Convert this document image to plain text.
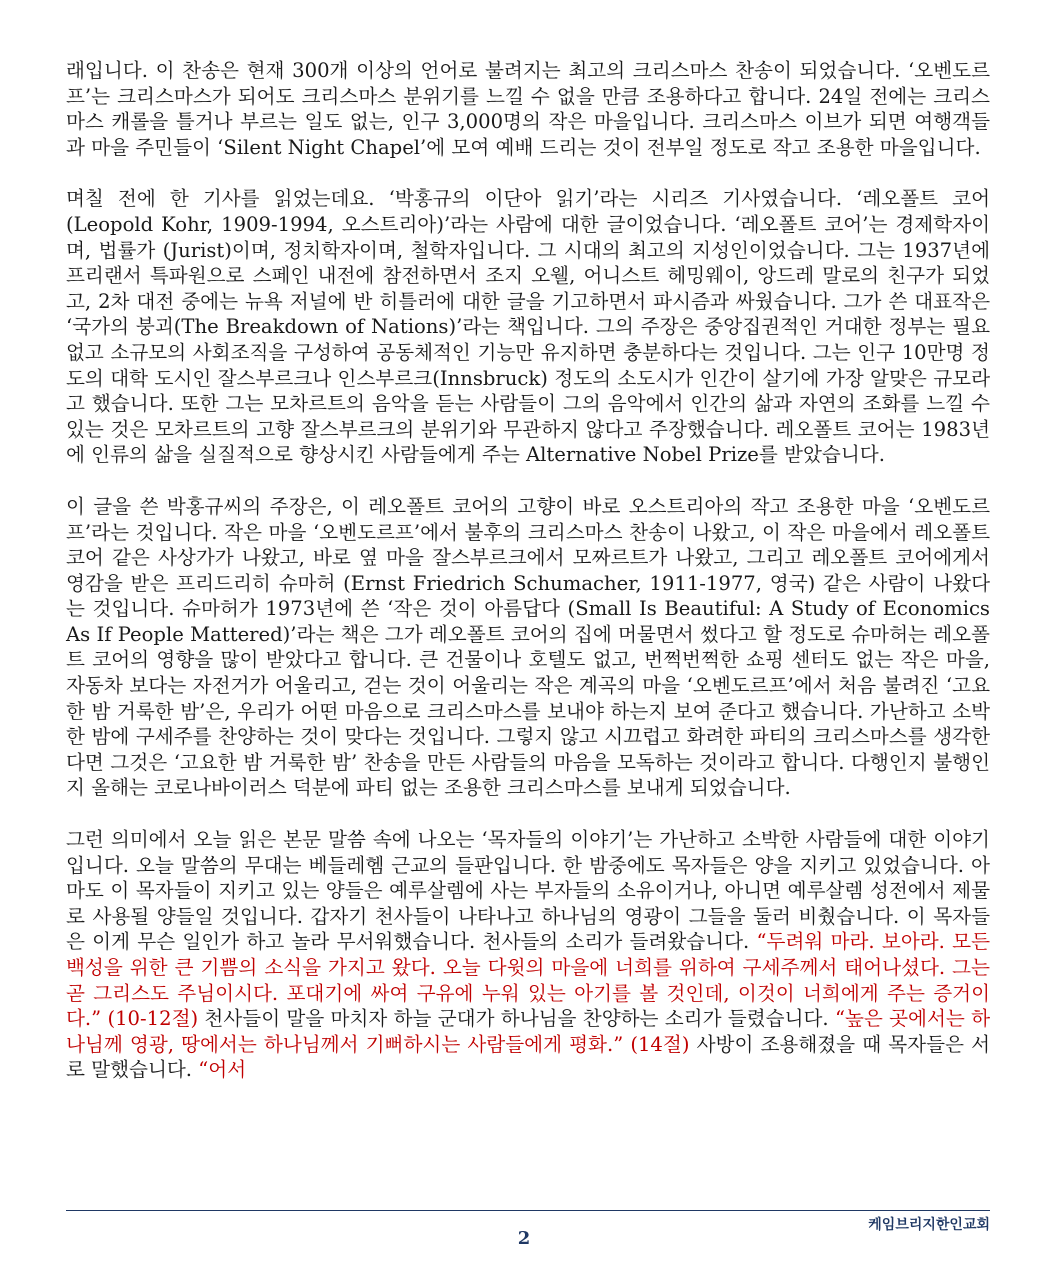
래입니다. 이 찬송은 현재 300개 이상의 언어로 불려지는 최고의 크리스마스 찬송이 되었습니다. ‘오벤도르프’는 크리스마스가 되어도 크리스마스 분위기를 느낄 수 없을 만큼 조용하다고 합니다. 24일 전에는 크리스마스 캐롤을 틀거나 부르는 일도 없는, 인구 3,000명의 작은 마을입니다. 크리스마스 이브가 되면 여행객들과 마을 주민들이 ‘Silent Night Chapel’에 모여 예배 드리는 것이 전부일 정도로 작고 조용한 마을입니다.

며칠 전에 한 기사를 읽었는데요. ‘박홍규의 이단아 읽기’라는 시리즈 기사였습니다. ‘레오폴트 코어(Leopold Kohr, 1909-1994, 오스트리아)’라는 사람에 대한 글이었습니다. ‘레오폴트 코어’는 경제학자이며, 법률가 (Jurist)이며, 정치학자이며, 철학자입니다. 그 시대의 최고의 지성인이었습니다. 그는 1937년에 프리랜서 특파원으로 스페인 내전에 참전하면서 조지 오웰, 어니스트 헤밍웨이, 앙드레 말로의 친구가 되었고, 2차 대전 중에는 뉴욕 저널에 반 히틀러에 대한 글을 기고하면서 파시즘과 싸웠습니다. 그가 쓴 대표작은 ‘국가의 붕괴(The Breakdown of Nations)’라는 책입니다. 그의 주장은 중앙집권적인 거대한 정부는 필요 없고 소규모의 사회조직을 구성하여 공동체적인 기능만 유지하면 충분하다는 것입니다. 그는 인구 10만명 정도의 대학 도시인 잘스부르크나 인스부르크(Innsbruck) 정도의 소도시가 인간이 살기에 가장 알맞은 규모라고 했습니다. 또한 그는 모차르트의 음악을 듣는 사람들이 그의 음악에서 인간의 삶과 자연의 조화를 느낄 수 있는 것은 모차르트의 고향 잘스부르크의 분위기와 무관하지 않다고 주장했습니다. 레오폴트 코어는 1983년에 인류의 삶을 실질적으로 향상시킨 사람들에게 주는 Alternative Nobel Prize를 받았습니다.

이 글을 쓴 박홍규씨의 주장은, 이 레오폴트 코어의 고향이 바로 오스트리아의 작고 조용한 마을 ‘오벤도르프’라는 것입니다. 작은 마을 ‘오벤도르프’에서 불후의 크리스마스 찬송이 나왔고, 이 작은 마을에서 레오폴트 코어 같은 사상가가 나왔고, 바로 옆 마을 잘스부르크에서 모짜르트가 나왔고, 그리고 레오폴트 코어에게서 영감을 받은 프리드리히 슈마허 (Ernst Friedrich Schumacher, 1911-1977, 영국) 같은 사람이 나왔다는 것입니다. 슈마허가 1973년에 쓴 ‘작은 것이 아름답다 (Small Is Beautiful: A Study of Economics As If People Mattered)’라는 책은 그가 레오폴트 코어의 집에 머물면서 썼다고 할 정도로 슈마허는 레오폴트 코어의 영향을 많이 받았다고 합니다. 큰 건물이나 호텔도 없고, 번쩍번쩍한 쇼핑 센터도 없는 작은 마을, 자동차 보다는 자전거가 어울리고, 걷는 것이 어울리는 작은 계곡의 마을 ‘오벤도르프’에서 처음 불려진 ‘고요한 밤 거룩한 밤’은, 우리가 어떤 마음으로 크리스마스를 보내야 하는지 보여 준다고 했습니다. 가난하고 소박한 밤에 구세주를 찬양하는 것이 맞다는 것입니다. 그렇지 않고 시끄럽고 화려한 파티의 크리스마스를 생각한다면 그것은 ‘고요한 밤 거룩한 밤’ 찬송을 만든 사람들의 마음을 모독하는 것이라고 합니다. 다행인지 불행인지 올해는 코로나바이러스 덕분에 파티 없는 조용한 크리스마스를 보내게 되었습니다.

그런 의미에서 오늘 읽은 본문 말씀 속에 나오는 ‘목자들의 이야기’는 가난하고 소박한 사람들에 대한 이야기입니다. 오늘 말씀의 무대는 베들레헴 근교의 들판입니다. 한 밤중에도 목자들은 양을 지키고 있었습니다. 아마도 이 목자들이 지키고 있는 양들은 예루살렘에 사는 부자들의 소유이거나, 아니면 예루살렘 성전에서 제물로 사용될 양들일 것입니다. 갑자기 천사들이 나타나고 하나님의 영광이 그들을 둘러 비췄습니다. 이 목자들은 이게 무슨 일인가 하고 놀라 무서워했습니다. 천사들의 소리가 들려왔습니다. “두려워 마라. 보아라. 모든 백성을 위한 큰 기쁨의 소식을 가지고 왔다. 오늘 다윗의 마을에 너희를 위하여 구세주께서 태어나셨다. 그는 곧 그리스도 주님이시다. 포대기에 싸여 구유에 누워 있는 아기를 볼 것인데, 이것이 너희에게 주는 증거이다.” (10-12절) 천사들이 말을 마치자 하늘 군대가 하나님을 찬양하는 소리가 들렸습니다. “높은 곳에서는 하나님께 영광, 땅에서는 하나님께서 기뻐하시는 사람들에게 평화.” (14절) 사방이 조용해졌을 때 목자들은 서로 말했습니다. “어서

케임브리지한인교회
2
